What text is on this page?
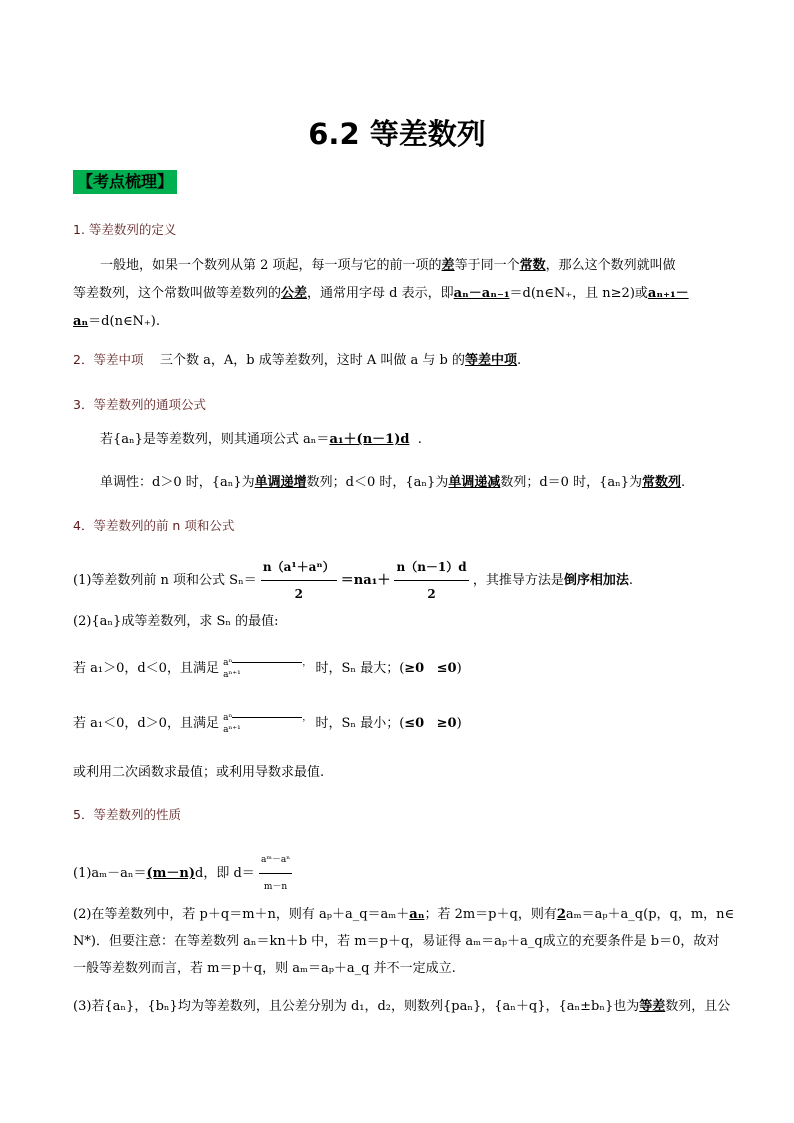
6.2 等差数列
【考点梳理】
1. 等差数列的定义
一般地，如果一个数列从第 2 项起，每一项与它的前一项的差等于同一个常数，那么这个数列就叫做
等差数列，这个常数叫做等差数列的公差，通常用字母 d 表示，即aₙ－aₙ₋₁＝d(n∈N₊，且 n≥2)或aₙ₊₁－
aₙ＝d(n∈N₊).
2．等差中项 三个数 a，A，b 成等差数列，这时 A 叫做 a 与 b 的等差中项.
3．等差数列的通项公式
若{aₙ}是等差数列，则其通项公式 aₙ＝a₁＋(n－1)d .
单调性：d＞0 时，{aₙ}为单调递增数列；d＜0 时，{aₙ}为单调递减数列；d＝0 时，{aₙ}为常数列.
4．等差数列的前 n 项和公式
(1)等差数列前 n 项和公式 $S_n= \frac{\text{n（a¹＋aⁿ）}}{2} =na_1+ \frac{n(n-1)d}{2}$ ，其推导方法是倒序相加法.
(2){aₙ}成等差数列，求 Sₙ 的最值:
若 a₁＞0，d＜0，且满足 aⁿ	，
aⁿ⁺¹	时，Sₙ 最大；(≥0 ≤0)
若 a₁＜0，d＞0，且满足 aⁿ	，
aⁿ⁺¹	时，Sₙ 最小；(≤0 ≥0)
或利用二次函数求最值；或利用导数求最值.
5．等差数列的性质
(1)aₘ－aₙ＝(m－n)d，即 $d= \frac{\text{aᵐ－aⁿ}}{m-n}$
(2)在等差数列中，若 p＋q＝m＋n，则有 aₚ＋a_q＝aₘ＋aₙ；若 2m＝p＋q，则有2aₘ＝aₚ＋a_q(p，q，m，n∈
N*)．但要注意：在等差数列 aₙ＝kn＋b 中，若 m＝p＋q，易证得 aₘ＝aₚ＋a_q成立的充要条件是 b＝0，故对
一般等差数列而言，若 m＝p＋q，则 aₘ＝aₚ＋a_q 并不一定成立.
(3)若{aₙ}，{bₙ}均为等差数列，且公差分别为 d₁，d₂，则数列{paₙ}，{aₙ＋q}，{aₙ±bₙ}也为等差数列，且公
